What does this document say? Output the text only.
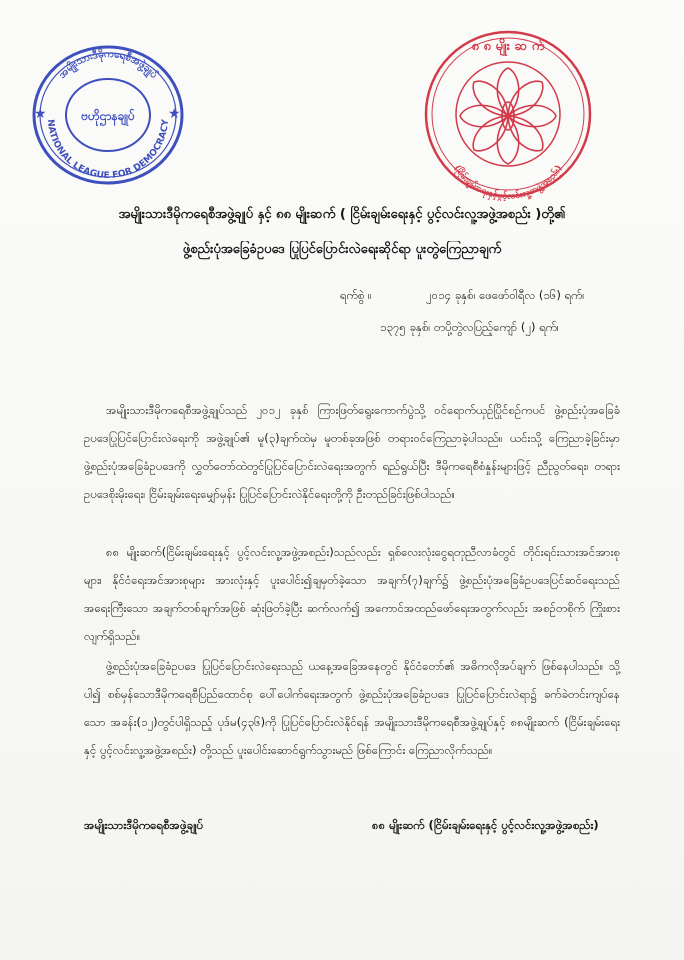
★	★
အမျိုးသားဒီမိုကရေစီအဖွဲ့ချုပ်
NATIONAL LEAGUE FOR DEMOCRACY
ဗဟိုဌာနချုပ်
၈ ၈ မျိုး ဆ က်
(ငြိမ်းချမ်းရေးနှင့်ပွင့်လင်းလူ့အဖွဲ့အစည်း)
အမျိုးသားဒီမိုကရေစီအဖွဲ့ချုပ် နှင့် ၈၈ မျိုးဆက် ( ငြိမ်းချမ်းရေးနှင့် ပွင့်လင်းလူ့အဖွဲ့အစည်း )တို့၏
ဖွဲ့စည်းပုံအခြေခံဥပဒေ ပြုပြင်ပြောင်းလဲရေးဆိုင်ရာ ပူးတွဲကြေညာချက်
ရက်စွဲ ။	၂၀၁၄ ခုနှစ်၊ ဖေဖော်ဝါရီလ (၁၆) ရက်၊
၁၃၇၅ ခုနှစ်၊ တပို့တွဲလပြည့်ကျော် (၂) ရက်၊
အမျိုးသားဒီမိုကရေစီအဖွဲ့ချုပ်သည် ၂၀၁၂ ခုနှစ် ကြားဖြတ်ရွေးကောက်ပွဲသို့ ဝင်ရောက်ယှဉ်ပြိုင်စဉ်ကပင် ဖွဲ့စည်းပုံအခြေခံဥပဒေပြုပြင်ပြောင်းလဲရေးကို အဖွဲ့ချုပ်၏ မူ(၃)ချက်ထဲမှ မူတစ်ခုအဖြစ် တရားဝင်ကြေညာခဲ့ပါသည်။ ယင်းသို့ ကြေညာခဲ့ခြင်းမှာ ဖွဲ့စည်းပုံအခြေခံဥပဒေကို လွှတ်တော်ထဲတွင်ပြုပြင်ပြောင်းလဲရေးအတွက် ရည်ရွယ်ပြီး ဒီမိုကရေစီစံနှုန်းများဖြင့် ညီညွတ်ရေး၊ တရားဥပဒေစိုးမိုးရေး၊ ငြိမ်းချမ်းရေးမျှော်မှန်း ပြုပြင်ပြောင်းလဲနိုင်ရေးတို့ကို ဦးတည်ခြင်းဖြစ်ပါသည်။
၈၈ မျိုးဆက်(ငြိမ်းချမ်းရေးနှင့် ပွင့်လင်းလူ့အဖွဲ့အစည်း)သည်လည်း ရှစ်လေးလုံးငွေရတုညီလာခံတွင် တိုင်းရင်းသားအင်အားစုများ၊ နိုင်ငံရေးအင်အားစုများ အားလုံးနှင့် ပူးပေါင်း၍ချမှတ်ခဲ့သော အချက်(၇)ချက်၌ ဖွဲ့စည်းပုံအခြေခံဥပဒေပြင်ဆင်ရေးသည် အရေးကြီးသော အချက်တစ်ချက်အဖြစ် ဆုံးဖြတ်ခဲ့ပြီး ဆက်လက်၍ အကောင်အထည်ဖော်ရေးအတွက်လည်း အစဉ်တစိုက် ကြိုးစားလျက်ရှိသည်။
ဖွဲ့စည်းပုံအခြေခံဥပဒေ ပြုပြင်ပြောင်းလဲရေးသည် ယနေ့အခြေအနေတွင် နိုင်ငံတော်၏ အဓိကလိုအပ်ချက် ဖြစ်နေပါသည်။ သို့ပါ၍ စစ်မှန်သောဒီမိုကရေစီပြည်ထောင်စု ပေါ်ပေါက်ရေးအတွက် ဖွဲ့စည်းပုံအခြေခံဥပဒေ ပြုပြင်ပြောင်းလဲရာ၌ ခက်ခဲတင်းကျပ်နေသော အခန်း(၁၂)တွင်ပါရှိသည့် ပုဒ်မ(၄၃၆)ကို ပြုပြင်ပြောင်းလဲနိုင်ရန် အမျိုးသားဒီမိုကရေစီအဖွဲ့ချုပ်နှင့် ၈၈မျိုးဆက် (ငြိမ်းချမ်းရေးနှင့် ပွင့်လင်းလူ့အဖွဲ့အစည်း) တို့သည် ပူးပေါင်းဆောင်ရွက်သွားမည် ဖြစ်ကြောင်း ကြေညာလိုက်သည်။
အမျိုးသားဒီမိုကရေစီအဖွဲ့ချုပ်	၈၈ မျိုးဆက် (ငြိမ်းချမ်းရေးနှင့် ပွင့်လင်းလူ့အဖွဲ့အစည်း)
